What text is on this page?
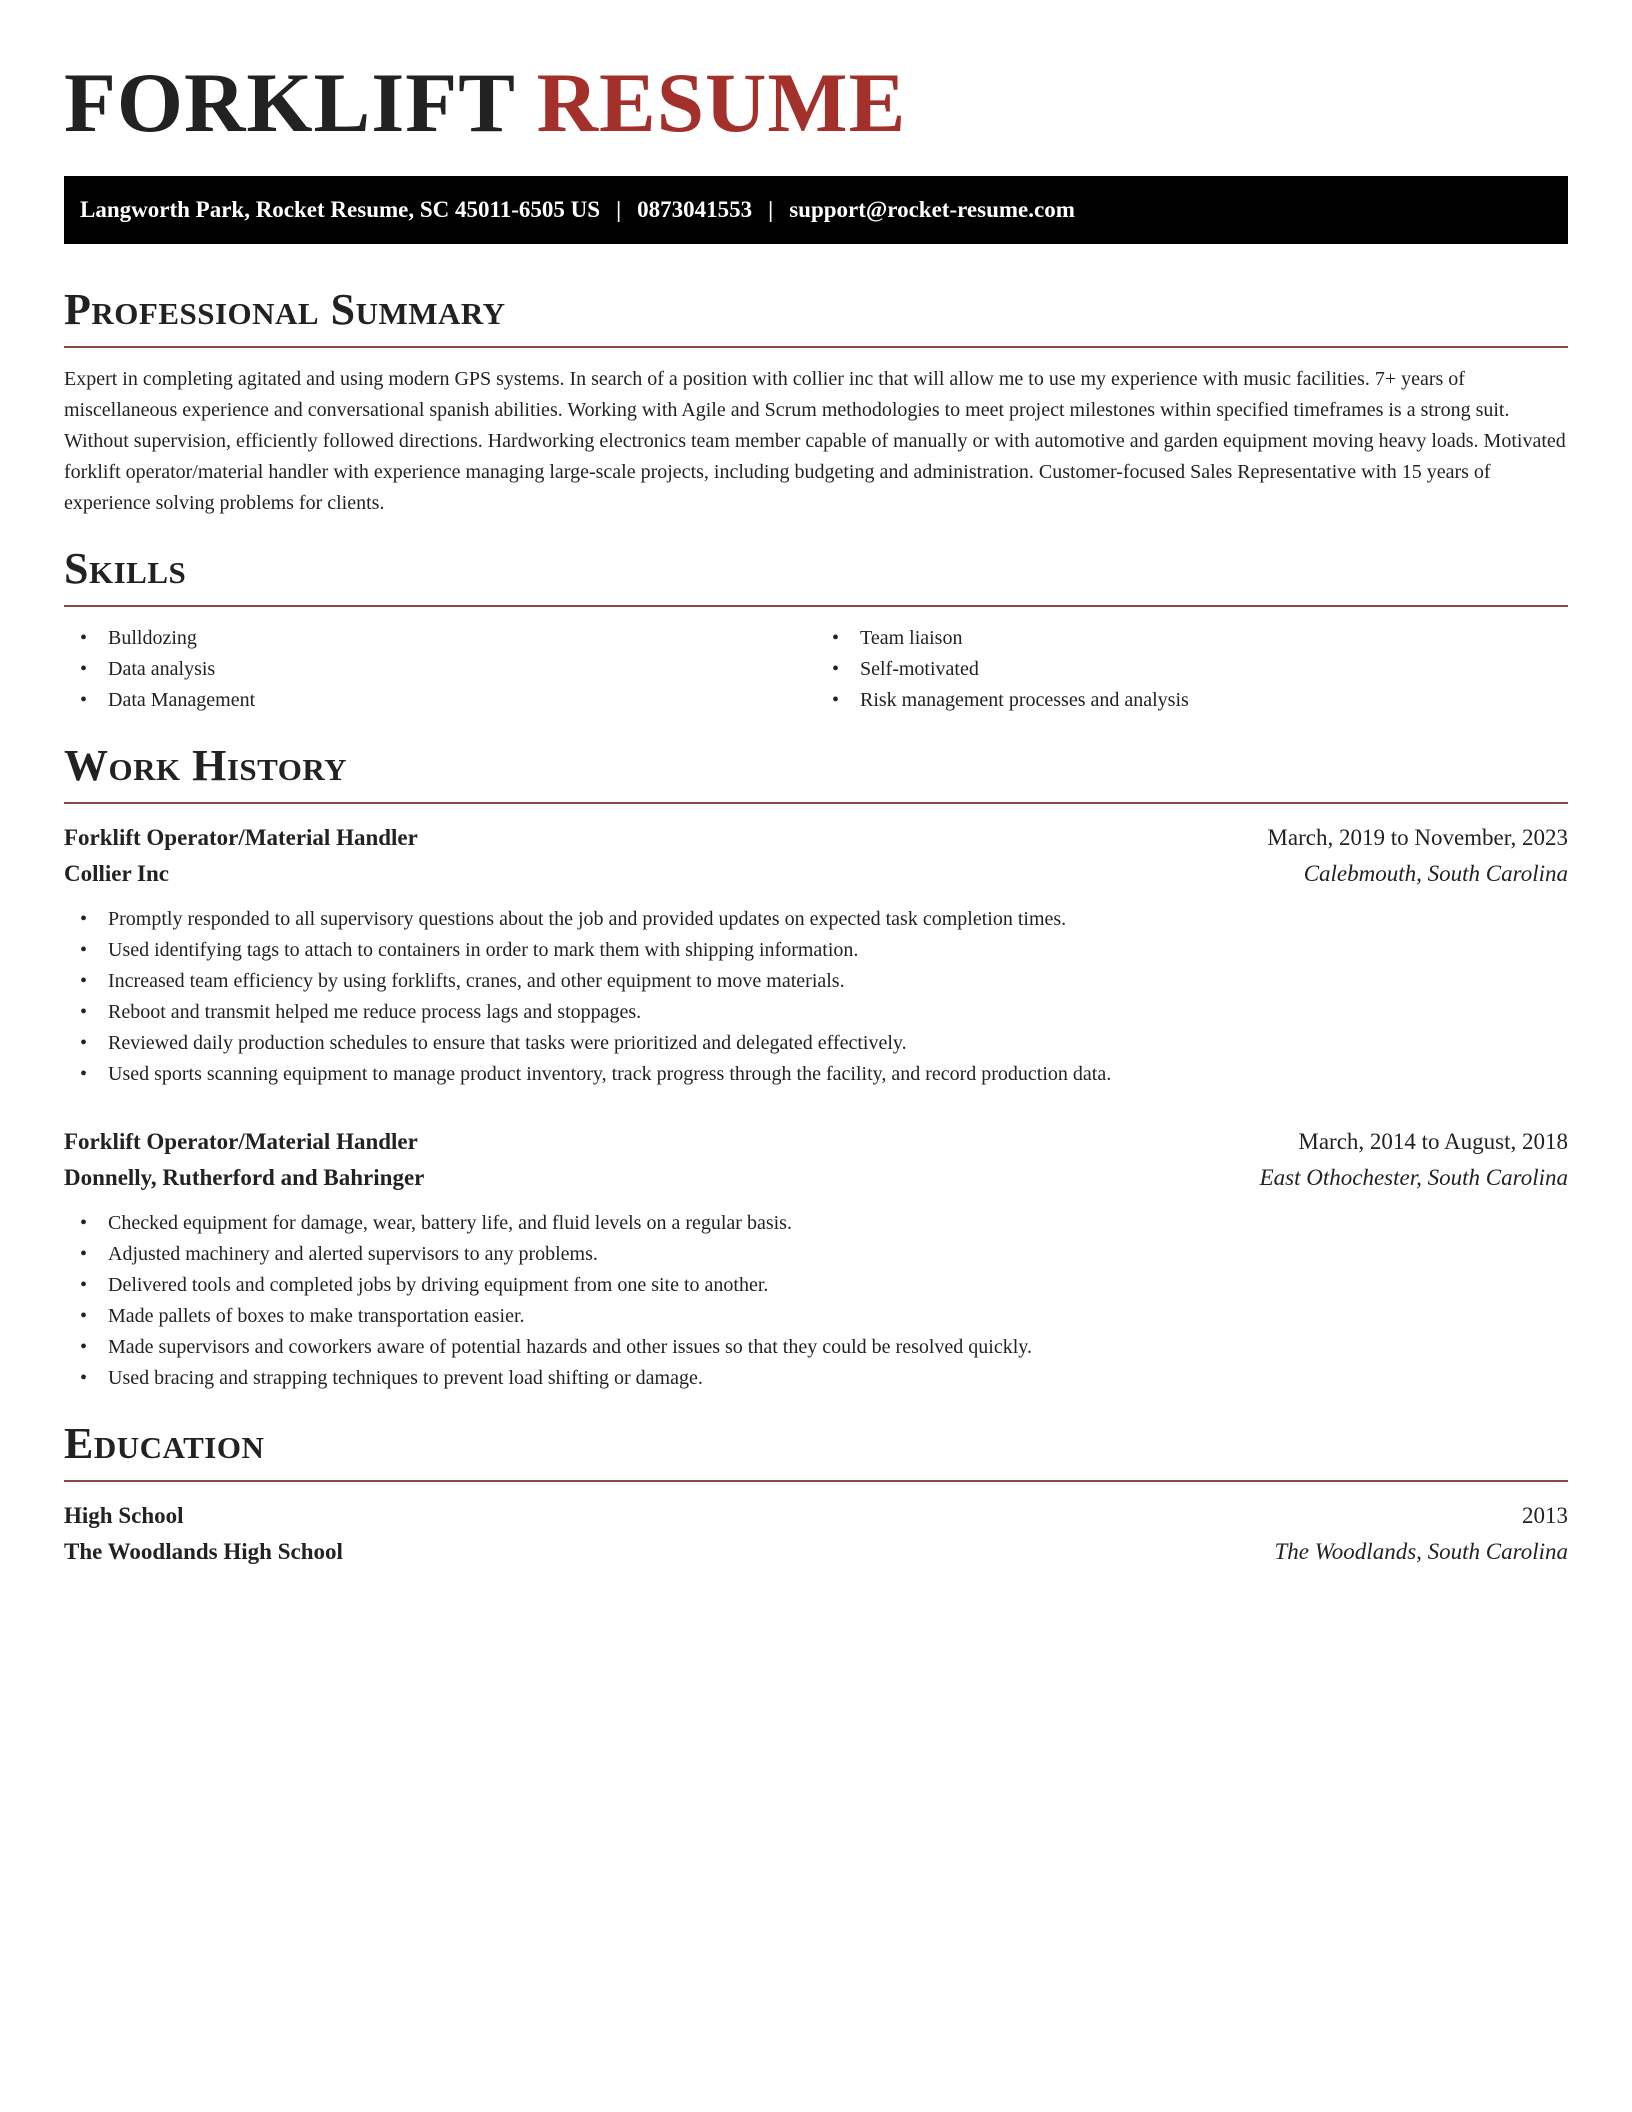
FORKLIFT RESUME
Langworth Park, Rocket Resume, SC 45011-6505 US | 0873041553 | support@rocket-resume.com
Professional Summary

Expert in completing agitated and using modern GPS systems. In search of a position with collier inc that will allow me to use my experience with music facilities. 7+ years of miscellaneous experience and conversational spanish abilities. Working with Agile and Scrum methodologies to meet project milestones within specified timeframes is a strong suit. Without supervision, efficiently followed directions. Hardworking electronics team member capable of manually or with automotive and garden equipment moving heavy loads. Motivated forklift operator/material handler with experience managing large-scale projects, including budgeting and administration. Customer-focused Sales Representative with 15 years of experience solving problems for clients.

Skills
• Bulldozing
• Data analysis
• Data Management
• Team liaison
• Self-motivated
• Risk management processes and analysis
Work History
Forklift Operator/Material Handler	March, 2019 to November, 2023
Collier Inc	Calebmouth, South Carolina
• Promptly responded to all supervisory questions about the job and provided updates on expected task completion times.
• Used identifying tags to attach to containers in order to mark them with shipping information.
• Increased team efficiency by using forklifts, cranes, and other equipment to move materials.
• Reboot and transmit helped me reduce process lags and stoppages.
• Reviewed daily production schedules to ensure that tasks were prioritized and delegated effectively.
• Used sports scanning equipment to manage product inventory, track progress through the facility, and record production data.
Forklift Operator/Material Handler	March, 2014 to August, 2018
Donnelly, Rutherford and Bahringer	East Othochester, South Carolina
• Checked equipment for damage, wear, battery life, and fluid levels on a regular basis.
• Adjusted machinery and alerted supervisors to any problems.
• Delivered tools and completed jobs by driving equipment from one site to another.
• Made pallets of boxes to make transportation easier.
• Made supervisors and coworkers aware of potential hazards and other issues so that they could be resolved quickly.
• Used bracing and strapping techniques to prevent load shifting or damage.
Education
High School	2013
The Woodlands High School	The Woodlands, South Carolina
